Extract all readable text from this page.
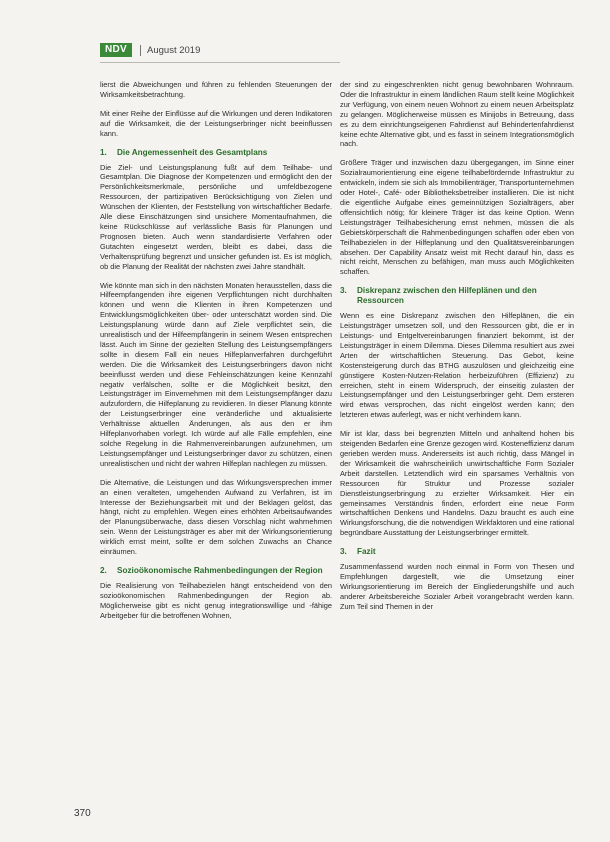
NDV	August 2019

lierst die Abweichungen und führen zu fehlenden Steuerungen der Wirksamkeitsbetrachtung.

Mit einer Reihe der Einflüsse auf die Wirkungen und deren Indikatoren auf die Wirksamkeit, die der Leistungserbringer nicht beeinflussen kann.

1.	Die Angemessenheit des Gesamtplans

Die Ziel- und Leistungsplanung fußt auf dem Teilhabe- und Gesamtplan. Die Diagnose der Kompetenzen und ermöglicht den der Persönlichkeitsmerkmale, persönliche und umfeldbezogene Ressourcen, der partizipativen Berücksichtigung von Zielen und Wünschen der Klienten, der Feststellung von wirtschaftlicher Bedarfe. Alle diese Einschätzungen sind unsichere Momentaufnahmen, die keine Rückschlüsse auf verlässliche Basis für Planungen und Prognosen bieten. Auch wenn standardisierte Verfahren oder Gutachten eingesetzt werden, bleibt es dabei, dass die Verhaltensprüfung begrenzt und unsicher gefunden ist. Es ist möglich, ob die Planung der Realität der nächsten zwei Jahre standhält.

Wie könnte man sich in den nächsten Monaten herausstellen, dass die Hilfeempfangenden ihre eigenen Verpflichtungen nicht durchhalten können und wenn die Klienten in ihren Kompetenzen und Entwicklungsmöglichkeiten über- oder unterschätzt worden sind. Die Leistungsplanung würde dann auf Ziele verpflichtet sein, die unrealistisch und der Hilfeempfängerin in seinem Wesen entsprechen lässt. Auch im Sinne der gezielten Stellung des Leistungsempfängers sollte in diesem Fall ein neues Hilfeplanverfahren durchgeführt werden. Die die Wirksamkeit des Leistungserbringers davon nicht beeinflusst werden und diese Fehleinschätzungen keine Kennzahl negativ verfälschen, sollte er die Möglichkeit besitzt, den Leistungsträger im Einvernehmen mit dem Leistungsempfänger dazu aufzufordern, die Hilfeplanung zu revidieren. In dieser Planung könnte der Leistungserbringer eine veränderliche und aktualisierte Verhältnisse aktuellen Änderungen, als aus den er ihm Hilfeplanvorhaben vorlegt. Ich würde auf alle Fälle empfehlen, eine solche Regelung in die Rahmenvereinbarungen aufzunehmen, um Leistungsempfänger und Leistungserbringer davor zu schützen, einen unrealistischen und nicht der wahren Hilfeplan nachlegen zu müssen.

Die Alternative, die Leistungen und das Wirkungsversprechen immer an einen veralteten, umgehenden Aufwand zu Verfahren, ist im Interesse der Beziehungsarbeit mit und der Beklagen gelöst, das hängt, nicht zu empfehlen. Wegen eines erhöhten Arbeitsaufwandes der Planungsüberwache, dass diesen Vorschlag nicht wahrnehmen sein. Wenn der Leistungsträger es aber mit der Wirkungsorientierung wirklich ernst meint, sollte er dem solchen Zuwachs an Chance einräumen.

2.	Sozioökonomische Rahmenbedingungen der Region

Die Realisierung von Teilhabezielen hängt entscheidend von den sozioökonomischen Rahmenbedingungen der Region ab. Möglicherweise gibt es nicht genug integrationswillige und -fähige Arbeitgeber für die betroffenen Wohnen,

der sind zu eingeschrenkten nicht genug bewohnbaren Wohnraum. Oder die Infrastruktur in einem ländlichen Raum stellt keine Möglichkeit zur Verfügung, von einem neuen Wohnort zu einem neuen Arbeitsplatz zu gelangen. Möglicherweise müssen es Minijobs in Betreuung, dass es zu dem einrichtungseigenen Fahrdienst auf Behindertenfahrdienst keine echte Alternative gibt, und es fasst in seinem Integrationsmöglich nach.

Größere Träger und inzwischen dazu übergegangen, im Sinne einer Sozialraumorientierung eine eigene teilhabefördernde Infrastruktur zu entwickeln, indem sie sich als Immobilienträger, Transportunternehmen oder Hotel-, Café- oder Bibliotheksbetreiber installieren. Die ist nicht die eigentliche Aufgabe eines gemeinnützigen Sozialträgers, aber offensichtlich nötig; für kleinere Träger ist das keine Option. Wenn Leistungsträger Teilhabesicherung ernst nehmen, müssen die als Gebietskörperschaft die Rahmenbedingungen schaffen oder eben von Teilhabezielen in der Hilfeplanung und den Qualitätsvereinbarungen absehen. Der Capability Ansatz weist mit Recht darauf hin, dass es nicht reicht, Menschen zu befähigen, man muss auch Möglichkeiten schaffen.

3.	Diskrepanz zwischen den Hilfeplänen und den Ressourcen

Wenn es eine Diskrepanz zwischen den Hilfeplänen, die ein Leistungsträger umsetzen soll, und den Ressourcen gibt, die er in Leistungs- und Entgeltvereinbarungen finanziert bekommt, ist der Leistungsträger in einem Dilemma. Dieses Dilemma resultiert aus zwei Arten der wirtschaftlichen Steuerung. Das Gebot, keine Kostensteigerung durch das BTHG auszulösen und gleichzeitig eine günstigere Kosten-Nutzen-Relation herbeizuführen (Effizienz) zu erreichen, steht in einem Widerspruch, der einseitig zulasten der Leistungsempfänger und den Leistungserbringer geht. Dem ersteren wird etwas versprochen, das nicht eingelöst werden kann; den letzteren etwas auferlegt, was er nicht verhindern kann.

Mir ist klar, dass bei begrenzten Mitteln und anhaltend hohen bis steigenden Bedarfen eine Grenze gezogen wird. Kosteneffizienz darum gerieben werden muss. Andererseits ist auch richtig, dass Mängel in der Wirksamkeit die wahrscheinlich unwirtschaftliche Form Sozialer Arbeit darstellen. Letztendlich wird ein sparsames Verhältnis von Ressourcen für Struktur und Prozesse sozialer Dienstleistungserbringung zu erzielter Wirksamkeit. Hier ein gemeinsames Verständnis finden, erfordert eine neue Form wirtschaftlichen Denkens und Handelns. Dazu braucht es auch eine Wirkungsforschung, die die notwendigen Wirkfaktoren und eine rational begründbare Ausstattung der Leistungserbringer ermittelt.

3.	Fazit

Zusammenfassend wurden noch einmal in Form von Thesen und Empfehlungen dargestellt, wie die Umsetzung einer Wirkungsorientierung im Bereich der Eingliederungshilfe und auch anderer Arbeitsbereiche Sozialer Arbeit vorangebracht werden kann. Zum Teil sind Themen in der

370
